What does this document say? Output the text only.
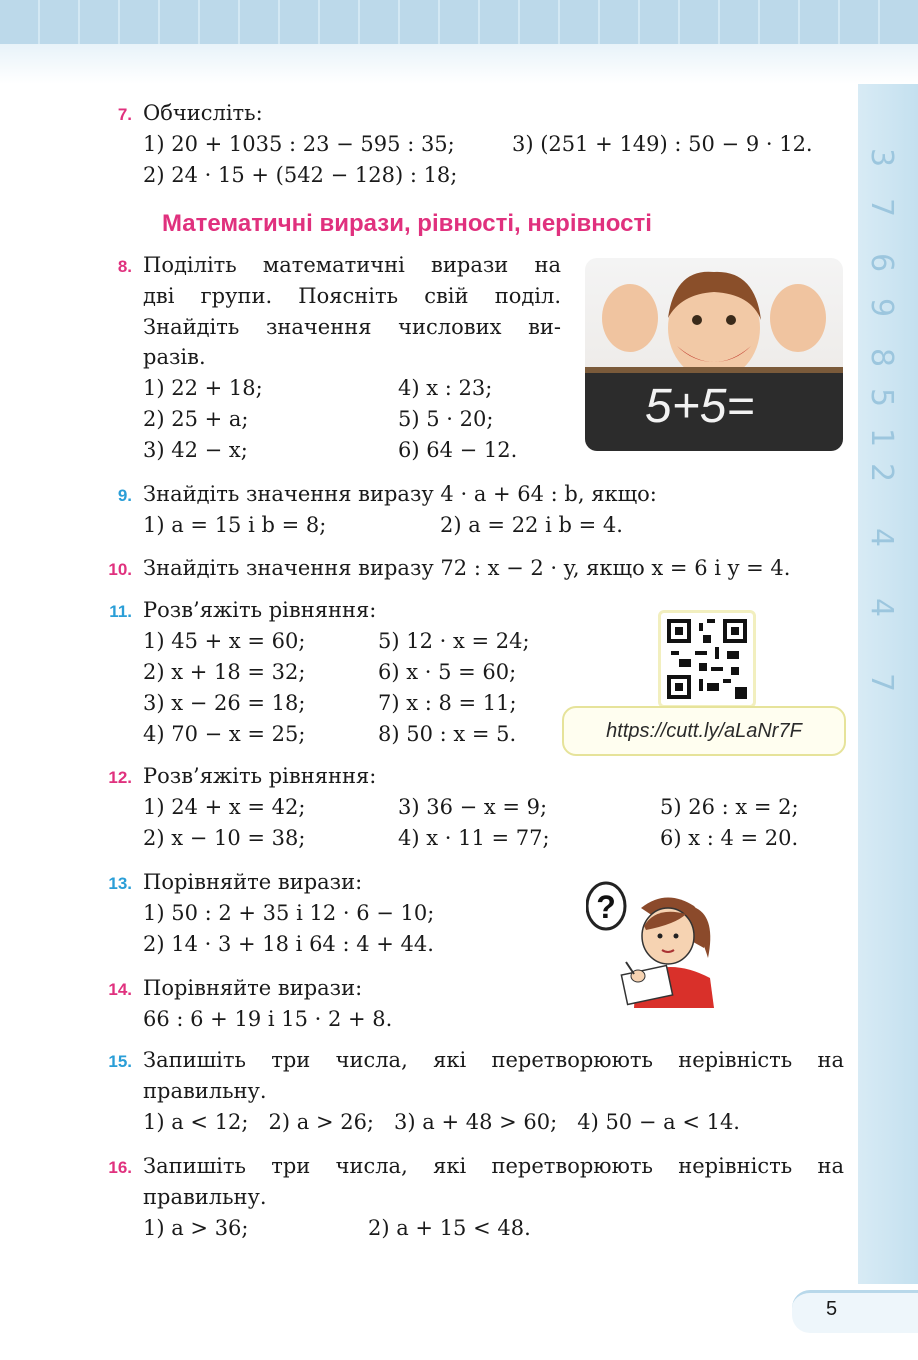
3
7
6
9
8
5
1
2
4
4
7
7. Обчисліть:
1) 20 + 1035 : 23 − 595 : 35;	3) (251 + 149) : 50 − 9 · 12.
2) 24 · 15 + (542 − 128) : 18;
Математичні вирази, рівності, нерівності
8. Поділіть математичні вирази на
дві групи. Поясніть свій поділ.
Знайдіть значення числових ви-
разів.
1) 22 + 18;	4) x : 23;
2) 25 + a;	5) 5 · 20;
3) 42 − x;	6) 64 − 12.
5+5=
9. Знайдіть значення виразу 4 · a + 64 : b, якщо:
1) a = 15 і b = 8;	2) a = 22 і b = 4.
10. Знайдіть значення виразу 72 : x − 2 · y, якщо x = 6 і y = 4.
11. Розв’яжіть рівняння:
1) 45 + x = 60;	5) 12 · x = 24;
2) x + 18 = 32;	6) x · 5 = 60;
3) x − 26 = 18;	7) x : 8 = 11;
4) 70 − x = 25;	8) 50 : x = 5.	https://cutt.ly/aLaNr7F
12. Розв’яжіть рівняння:
1) 24 + x = 42;	3) 36 − x = 9;	5) 26 : x = 2;
2) x − 10 = 38;	4) x · 11 = 77;	6) x : 4 = 20.
13. Порівняйте вирази:
1) 50 : 2 + 35 і 12 · 6 − 10;
2) 14 · 3 + 18 і 64 : 4 + 44.
?
14. Порівняйте вирази:
66 : 6 + 19 і 15 · 2 + 8.
15. Запишіть три числа, які перетворюють нерівність на
правильну.
1) a < 12;   2) a > 26;   3) a + 48 > 60;   4) 50 − a < 14.
16. Запишіть три числа, які перетворюють нерівність на
правильну.
1) a > 36;	2) a + 15 < 48.
5
